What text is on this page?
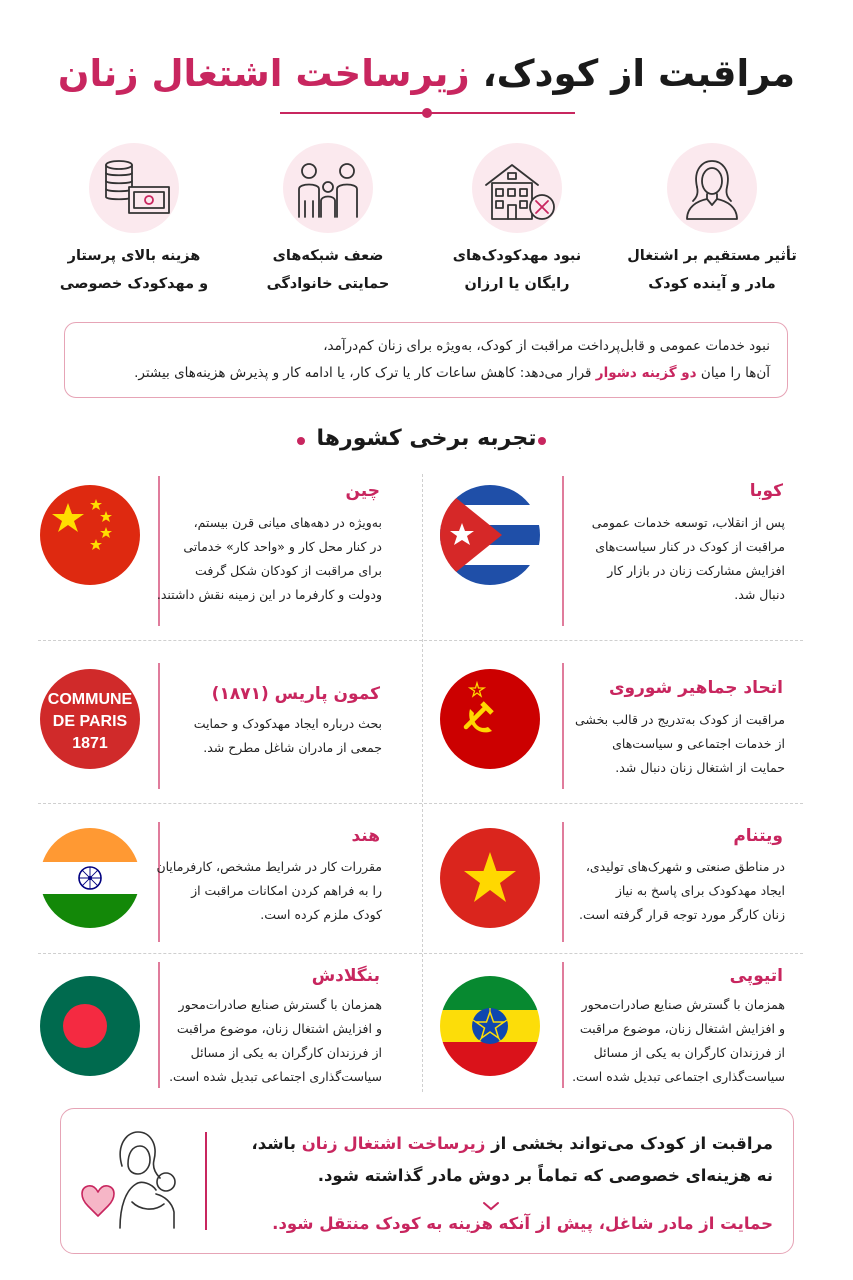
مراقبت از کودک، زیرساخت اشتغال زنان
تأثیر مستقیم بر اشتغال
مادر و آینده کودک
نبود مهدکودک‌های
رایگان یا ارزان
ضعف شبکه‌های
حمایتی خانوادگی
هزینه بالای پرستار
و مهدکودک خصوصی
نبود خدمات عمومی و قابل‌پرداخت مراقبت از کودک، به‌ویژه برای زنان کم‌درآمد،
آن‌ها را میان دو گزینه دشوار قرار می‌دهد: کاهش ساعات کار یا ترک کار، یا ادامه کار و پذیرش هزینه‌های بیشتر.
تجربه برخی کشورها
کوبا
پس از انقلاب، توسعه خدمات عمومی
مراقبت از کودک در کنار سیاست‌های
افزایش مشارکت زنان در بازار کار
دنبال شد.
چین
به‌ویژه در دهه‌های میانی قرن بیستم،
در کنار محل کار و «واحد کار» خدماتی
برای مراقبت از کودکان شکل گرفت
ودولت و کارفرما در این زمینه نقش داشتند.
اتحاد جماهیر شوروی
مراقبت از کودک به‌تدریج در قالب بخشی
از خدمات اجتماعی و سیاست‌های
حمایت از اشتغال زنان دنبال شد.
COMMUNE
DE PARIS
1871
کمون پاریس (۱۸۷۱)
بحث درباره ایجاد مهدکودک و حمایت
جمعی از مادران شاغل مطرح شد.
ویتنام
در مناطق صنعتی و شهرک‌های تولیدی،
ایجاد مهدکودک برای پاسخ به نیاز
زنان کارگر مورد توجه قرار گرفته است.
هند
مقررات کار در شرایط مشخص، کارفرمایان
را به فراهم کردن امکانات مراقبت از
کودک ملزم کرده است.
اتیوپی
همزمان با گسترش صنایع صادرات‌محور
و افزایش اشتغال زنان، موضوع مراقبت
از فرزندان کارگران به یکی از مسائل
سیاست‌گذاری اجتماعی تبدیل شده است.
بنگلادش
همزمان با گسترش صنایع صادرات‌محور
و افزایش اشتغال زنان، موضوع مراقبت
از فرزندان کارگران به یکی از مسائل
سیاست‌گذاری اجتماعی تبدیل شده است.
مراقبت از کودک می‌تواند بخشی از زیرساخت اشتغال زنان باشد،
نه هزینه‌ای خصوصی که تماماً بر دوش مادر گذاشته شود.
حمایت از مادر شاغل، پیش از آنکه هزینه به کودک منتقل شود.
